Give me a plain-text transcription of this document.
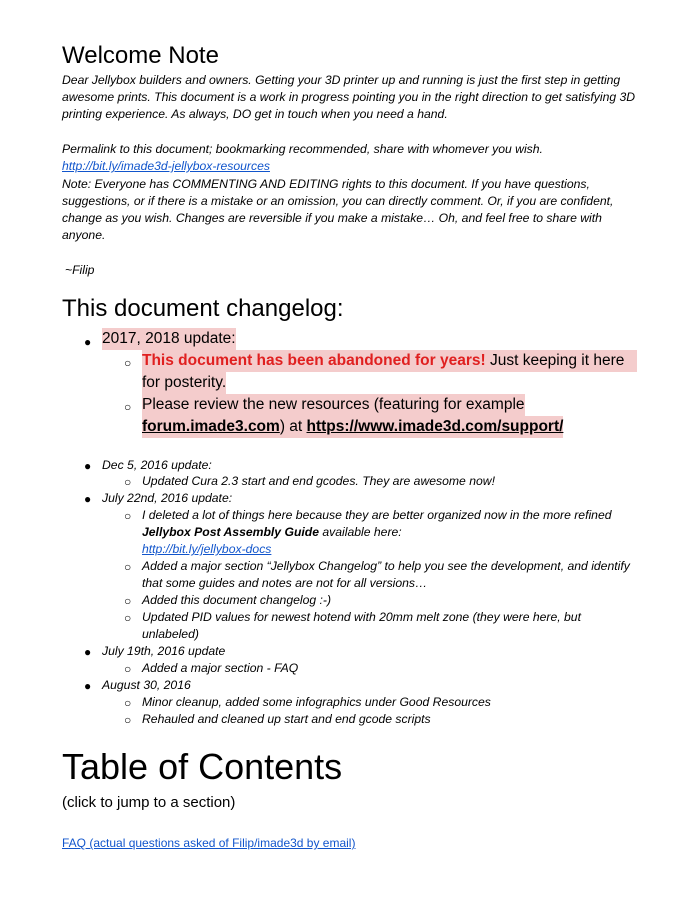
Welcome Note
Dear Jellybox builders and owners. Getting your 3D printer up and running is just the first step in getting
awesome prints. This document is a work in progress pointing you in the right direction to get satisfying 3D
printing experience. As always, DO get in touch when you need a hand.
Permalink to this document; bookmarking recommended, share with whomever you wish.
http://bit.ly/imade3d-jellybox-resources
Note: Everyone has COMMENTING AND EDITING rights to this document. If you have questions,
suggestions, or if there is a mistake or an omission, you can directly comment. Or, if you are confident,
change as you wish. Changes are reversible if you make a mistake… Oh, and feel free to share with
anyone.
~Filip
This document changelog:
● 2017, 2018 update:
○ This document has been abandoned for years! Just keeping it here
for posterity.
○ Please review the new resources (featuring for example
forum.imade3.com) at https://www.imade3d.com/support/
● Dec 5, 2016 update:
○ Updated Cura 2.3 start and end gcodes. They are awesome now!
● July 22nd, 2016 update:
○ I deleted a lot of things here because they are better organized now in the more refined
Jellybox Post Assembly Guide available here:
http://bit.ly/jellybox-docs
○ Added a major section “Jellybox Changelog” to help you see the development, and identify
that some guides and notes are not for all versions…
○ Added this document changelog :-)
○ Updated PID values for newest hotend with 20mm melt zone (they were here, but
unlabeled)
● July 19th, 2016 update
○ Added a major section - FAQ
● August 30, 2016
○ Minor cleanup, added some infographics under Good Resources
○ Rehauled and cleaned up start and end gcode scripts
Table of Contents
(click to jump to a section)
FAQ (actual questions asked of Filip/imade3d by email)
